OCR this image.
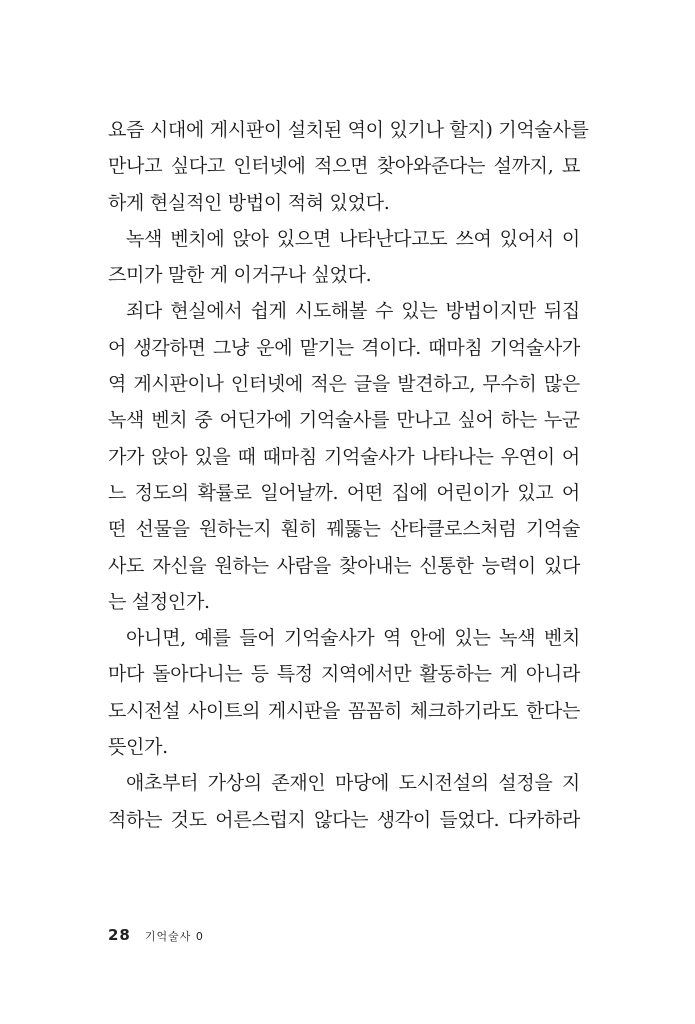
요즘 시대에 게시판이 설치된 역이 있기나 할지) 기억술사를
만나고 싶다고 인터넷에 적으면 찾아와준다는 설까지, 묘
하게 현실적인 방법이 적혀 있었다.
녹색 벤치에 앉아 있으면 나타난다고도 쓰여 있어서 이
즈미가 말한 게 이거구나 싶었다.
죄다 현실에서 쉽게 시도해볼 수 있는 방법이지만 뒤집
어 생각하면 그냥 운에 맡기는 격이다. 때마침 기억술사가
역 게시판이나 인터넷에 적은 글을 발견하고, 무수히 많은
녹색 벤치 중 어딘가에 기억술사를 만나고 싶어 하는 누군
가가 앉아 있을 때 때마침 기억술사가 나타나는 우연이 어
느 정도의 확률로 일어날까. 어떤 집에 어린이가 있고 어
떤 선물을 원하는지 훤히 꿰뚫는 산타클로스처럼 기억술
사도 자신을 원하는 사람을 찾아내는 신통한 능력이 있다
는 설정인가.
아니면, 예를 들어 기억술사가 역 안에 있는 녹색 벤치
마다 돌아다니는 등 특정 지역에서만 활동하는 게 아니라
도시전설 사이트의 게시판을 꼼꼼히 체크하기라도 한다는
뜻인가.
애초부터 가상의 존재인 마당에 도시전설의 설정을 지
적하는 것도 어른스럽지 않다는 생각이 들었다. 다카하라
28 기억술사 0
